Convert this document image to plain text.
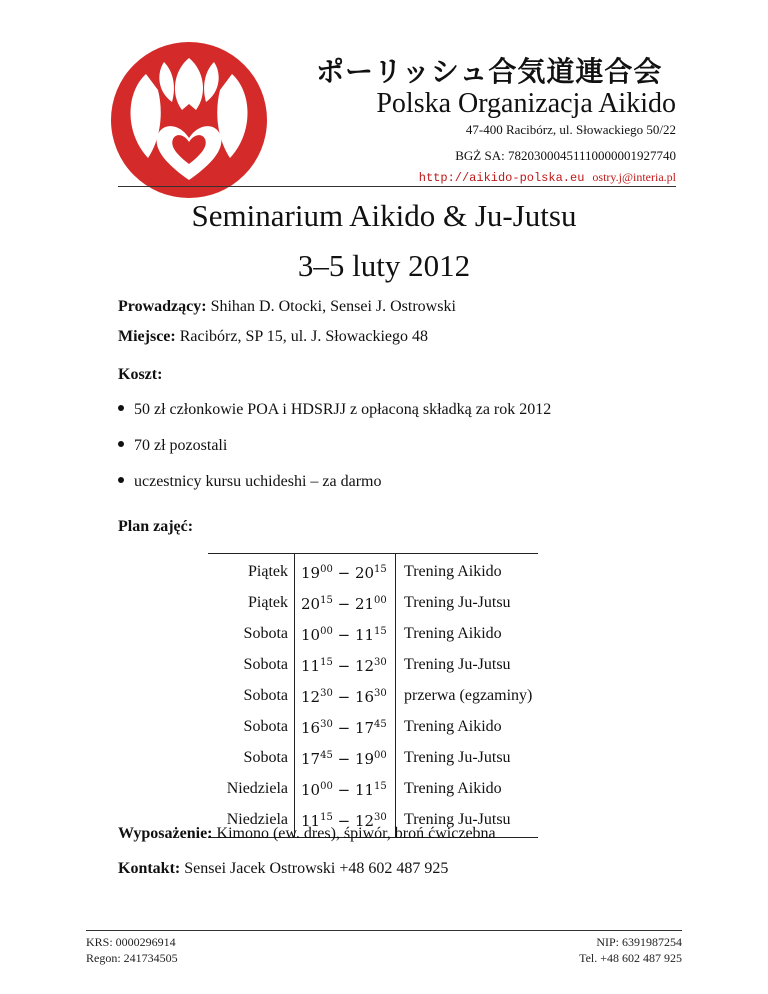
ポーリッシュ合気道連合会
Polska Organizacja Aikido
47-400 Racibórz, ul. Słowackiego 50/22
BGŻ SA: 78203000451110000001927740
http://aikido-polska.eu ostry.j@interia.pl
Seminarium Aikido & Ju-Jutsu
3–5 luty 2012
Prowadzący: Shihan D. Otocki, Sensei J. Ostrowski
Miejsce: Racibórz, SP 15, ul. J. Słowackiego 48
Koszt:
50 zł członkowie POA i HDSRJJ z opłaconą składką za rok 2012
70 zł pozostali
uczestnicy kursu uchideshi – za darmo
Plan zajęć:
Piątek	$19^{00} - 20^{15}$	Trening Aikido
Piątek	$20^{15} - 21^{00}$	Trening Ju-Jutsu
Sobota	$10^{00} - 11^{15}$	Trening Aikido
Sobota	$11^{15} - 12^{30}$	Trening Ju-Jutsu
Sobota	$12^{30} - 16^{30}$	przerwa (egzaminy)
Sobota	$16^{30} - 17^{45}$	Trening Aikido
Sobota	$17^{45} - 19^{00}$	Trening Ju-Jutsu
Niedziela	$10^{00} - 11^{15}$	Trening Aikido
Niedziela	$11^{15} - 12^{30}$	Trening Ju-Jutsu
Wyposażenie: Kimono (ew. dres), śpiwór, broń ćwiczebna
Kontakt: Sensei Jacek Ostrowski +48 602 487 925
KRS: 0000296914
Regon: 241734505
NIP: 6391987254
Tel. +48 602 487 925
